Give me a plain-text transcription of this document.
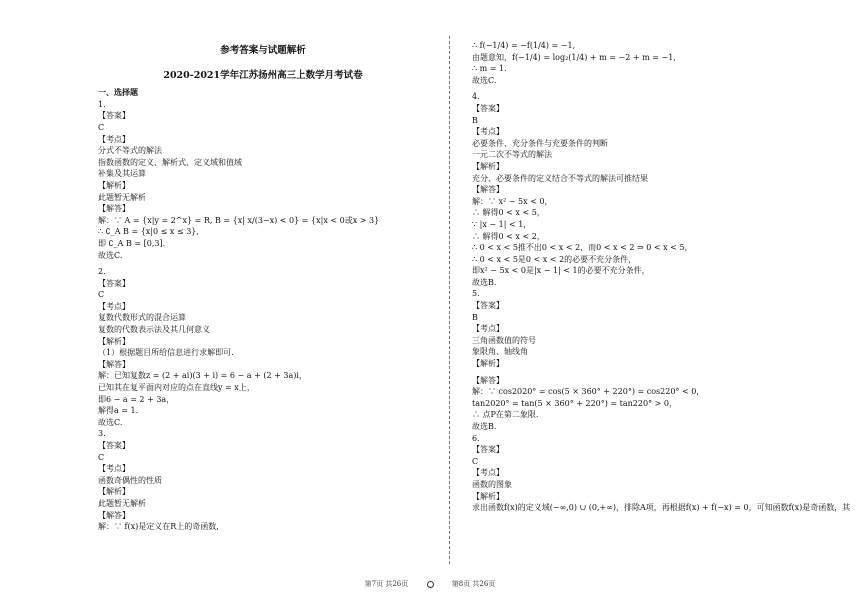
参考答案与试题解析
2020-2021学年江苏扬州高三上数学月考试卷
一、选择题
1.
【答案】
C
【考点】
分式不等式的解法
指数函数的定义、解析式、定义域和值域
补集及其运算
【解析】
此题暂无解析
【解答】
解：∵ A = {x|y = 2^x} = R, B = {x| x/(3−x) < 0} = {x|x < 0或x > 3}
∴ ∁_A B = {x|0 ≤ x ≤ 3},
即 ∁_A B = [0,3].
故选C.
2.
【答案】
C
【考点】
复数代数形式的混合运算
复数的代数表示法及其几何意义
【解析】
（1）根据题目所给信息进行求解即可.
【解答】
解：已知复数z = (2 + ai)(3 + i) = 6 − a + (2 + 3a)i，
已知其在复平面内对应的点在直线y = x上，
即6 − a = 2 + 3a，
解得a = 1.
故选C.
3.
【答案】
C
【考点】
函数奇偶性的性质
【解析】
此题暂无解析
【解答】
解：∵ f(x)是定义在R上的奇函数,
∴ f(−1/4) = −f(1/4) = −1,
由题意知，f(−1/4) = log₂(1/4) + m = −2 + m = −1,
∴ m = 1.
故选C.
4.
【答案】
B
【考点】
必要条件、充分条件与充要条件的判断
一元二次不等式的解法
【解析】
充分、必要条件的定义结合不等式的解法可推结果
【解答】
解：∵ x² − 5x < 0，
∴ 解得0 < x < 5，
∵ |x − 1| < 1，
∴ 解得0 < x < 2，
∴ 0 < x < 5推不出0 < x < 2，而0 < x < 2 ⇒ 0 < x < 5，
∴ 0 < x < 5是0 < x < 2的必要不充分条件，
即x² − 5x < 0是|x − 1| < 1的必要不充分条件，
故选B.
5.
【答案】
B
【考点】
三角函数值的符号
象限角、轴线角
【解析】
【解答】
解：∵ cos2020° = cos(5 × 360° + 220°) = cos220° < 0，
tan2020° = tan(5 × 360° + 220°) = tan220° > 0，
∴ 点P在第二象限.
故选B.
6.
【答案】
C
【考点】
函数的图象
【解析】
求出函数f(x)的定义域(−∞,0) ∪ (0,+∞)，排除A项，再根据f(x) + f(−x) = 0，可知函数f(x)是奇函数，其
第7页 共26页	第8页 共26页
